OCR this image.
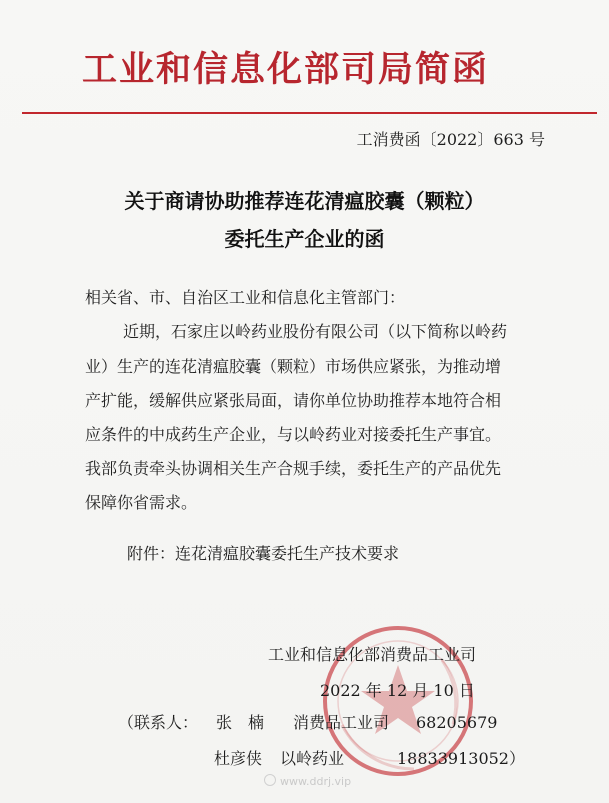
工业和信息化部司局简函
工消费函〔2022〕663 号
关于商请协助推荐连花清瘟胶囊（颗粒）
委托生产企业的函
相关省、市、自治区工业和信息化主管部门：
近期，石家庄以岭药业股份有限公司（以下简称以岭药
业）生产的连花清瘟胶囊（颗粒）市场供应紧张，为推动增
产扩能，缓解供应紧张局面，请你单位协助推荐本地符合相
应条件的中成药生产企业，与以岭药业对接委托生产事宜。
我部负责牵头协调相关生产合规手续，委托生产的产品优先
保障你省需求。
附件：连花清瘟胶囊委托生产技术要求
工业和信息化部消费品工业司
2022 年 12 月 10 日
（联系人： 张　楠 消费品工业司 68205679
杜彦侠 以岭药业	18833913052）
www.ddrj.vip
